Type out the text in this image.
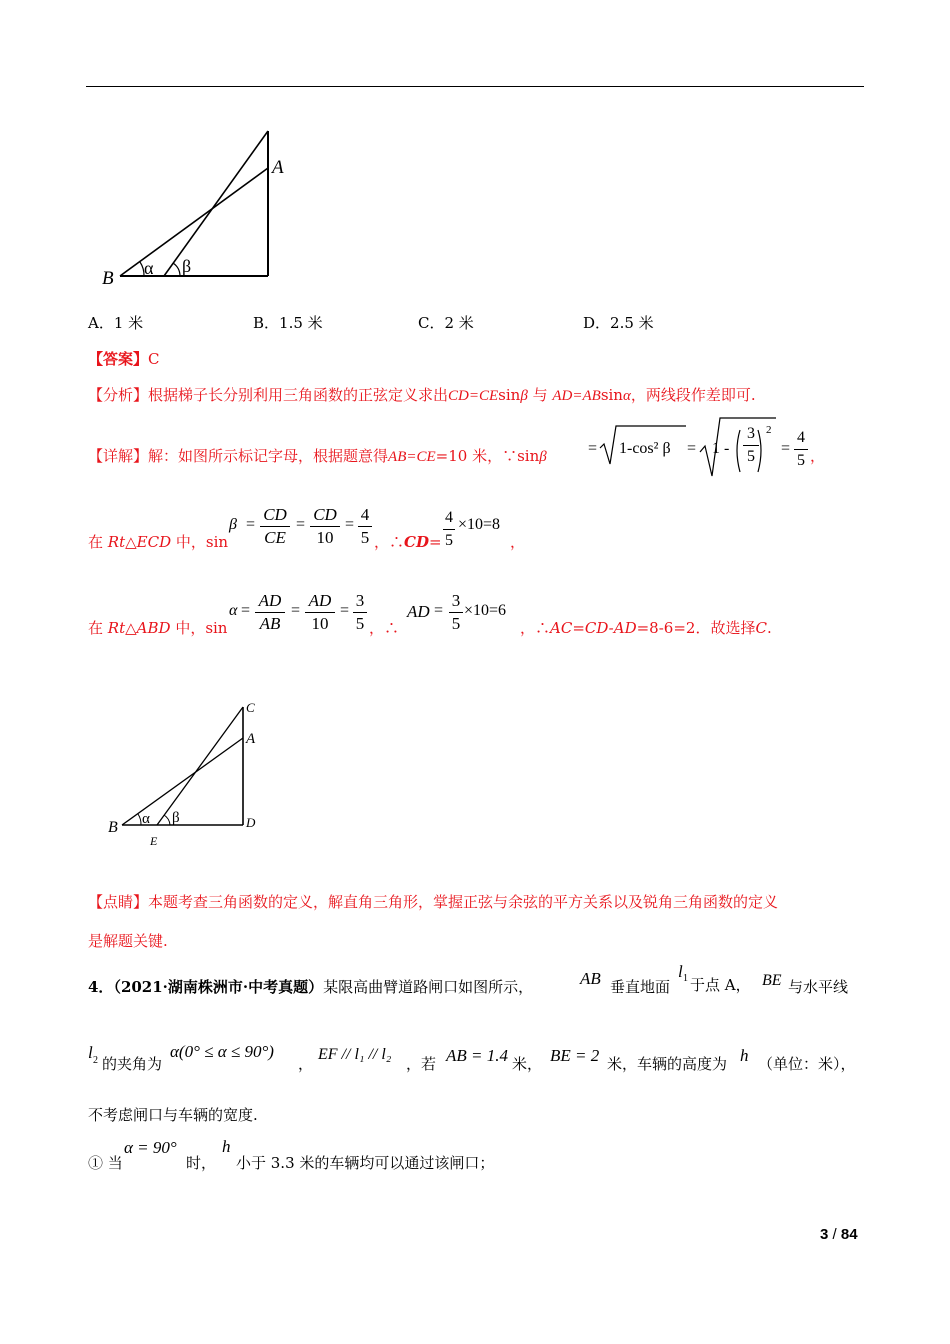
B
A
α β
A．1 米	B．1.5 米	C．2 米	D．2.5 米
【答案】C
【分析】根据梯子长分别利用三角函数的正弦定义求出CD=CEsinβ 与 AD=ABsinα，两线段作差即可.
【详解】解：如图所示标记字母，根据题意得AB=CE=10 米，∵sinβ	= 1-cos² β = 1 -
3
5
2
=
4
5 ，
在 Rt△ECD 中，sin
β =
CD
CE
=
CD
10
=
4
5 ，∴CD=
4
5
×10=8
，
在 Rt△ABD 中，sin
α =
AD
AB
=
AD
10
=
3
5 ，∴
AD =
3
5
×10=6
，∴AC=CD-AD=8-6=2．故选择C.
C
A
B	D
E
α β
【点睛】本题考查三角函数的定义，解直角三角形，掌握正弦与余弦的平方关系以及锐角三角函数的定义
是解题关键.
4．（2021·湖南株洲市·中考真题）某限高曲臂道路闸口如图所示，	AB 垂直地面
l 1 于点 A， BE 与水平线
l 2 的夹角为
α(0° ≤ α ≤ 90°)
，
EF // l₁ // l₂
，若 AB = 1.4 米， BE = 2 米，车辆的高度为 h （单位：米），
不考虑闸口与车辆的宽度.
① 当
α = 90°
时，
h
小于 3.3 米的车辆均可以通过该闸口；
3 / 84
